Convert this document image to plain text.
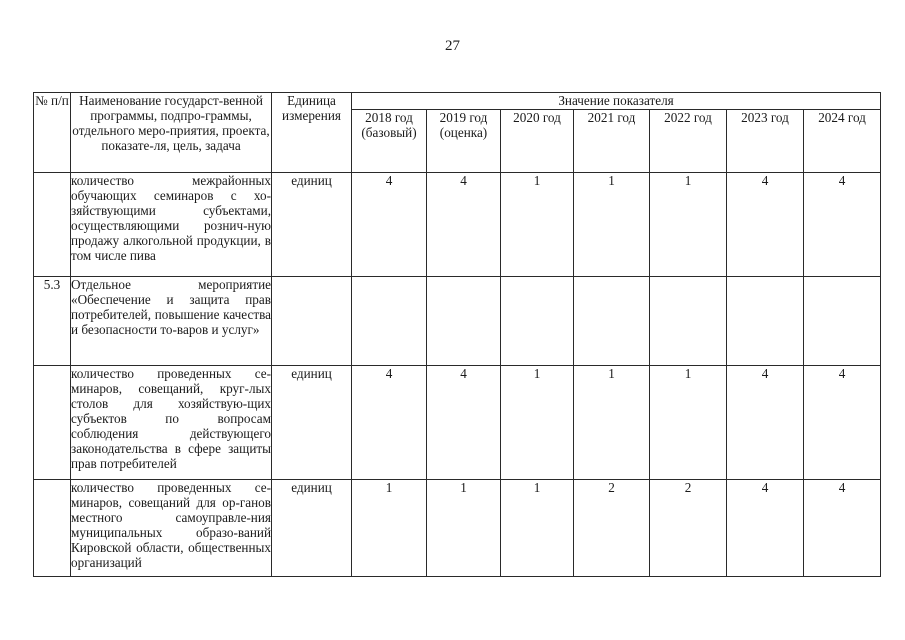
27
№ п/п	Наименование государст-венной программы, подпро-граммы, отдельного меро-приятия, проекта, показате-ля, цель, задача	Единица измерения	Значение показателя						
			2018 год (базовый)	2019 год (оценка)	2020 год	2021 год	2022 год	2023 год	2024 год
	количество межрайонных обучающих семинаров с хо-зяйствующими субъектами, осуществляющими рознич-ную продажу алкогольной продукции, в том числе пива	единиц	4	4	1	1	1	4	4
5.3	Отдельное мероприятие «Обеспечение и защита прав потребителей, повышение качества и безопасности то-варов и услуг»								
	количество проведенных се-минаров, совещаний, круг-лых столов для хозяйствую-щих субъектов по вопросам соблюдения действующего законодательства в сфере защиты прав потребителей	единиц	4	4	1	1	1	4	4
	количество проведенных се-минаров, совещаний для ор-ганов местного самоуправле-ния муниципальных образо-ваний Кировской области, общественных организаций	единиц	1	1	1	2	2	4	4
